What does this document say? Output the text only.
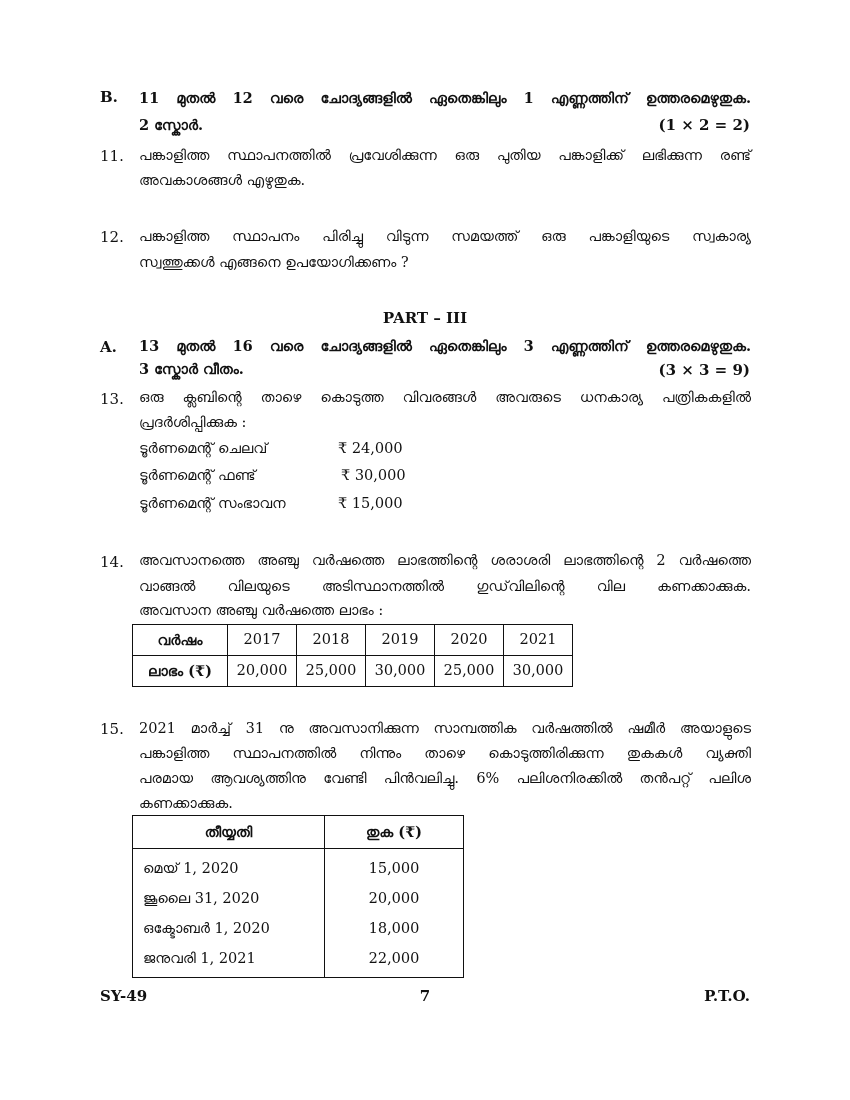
B.	11 മുതൽ 12 വരെ ചോദ്യങ്ങളിൽ ഏതെങ്കിലും 1 എണ്ണത്തിന് ഉത്തരമെഴുതുക.
2 സ്കോർ.	(1 × 2 = 2)
11.	പങ്കാളിത്ത സ്ഥാപനത്തിൽ പ്രവേശിക്കുന്ന ഒരു പുതിയ പങ്കാളിക്ക് ലഭിക്കുന്ന രണ്ട്
അവകാശങ്ങൾ എഴുതുക.
12.	പങ്കാളിത്ത സ്ഥാപനം പിരിച്ചു വിടുന്ന സമയത്ത് ഒരു പങ്കാളിയുടെ സ്വകാര്യ
സ്വത്തുക്കൾ എങ്ങനെ ഉപയോഗിക്കണം ?
PART – III
A.	13 മുതൽ 16 വരെ ചോദ്യങ്ങളിൽ ഏതെങ്കിലും 3 എണ്ണത്തിന് ഉത്തരമെഴുതുക.
3 സ്കോർ വീതം.	(3 × 3 = 9)
13.	ഒരു ക്ലബിന്റെ താഴെ കൊടുത്ത വിവരങ്ങൾ അവരുടെ ധനകാര്യ പത്രികകളിൽ
പ്രദർശിപ്പിക്കുക :
ടൂർണമെന്റ് ചെലവ്	₹ 24,000
ടൂർണമെന്റ് ഫണ്ട്	₹ 30,000
ടൂർണമെന്റ് സംഭാവന	₹ 15,000
14.	അവസാനത്തെ അഞ്ചു വർഷത്തെ ലാഭത്തിന്റെ ശരാശരി ലാഭത്തിന്റെ 2 വർഷത്തെ
വാങ്ങൽ വിലയുടെ അടിസ്ഥാനത്തിൽ ഗുഡ്‌വിലിന്റെ വില കണക്കാക്കുക.
അവസാന അഞ്ചു വർഷത്തെ ലാഭം :
വർഷം	2017	2018	2019	2020	2021
ലാഭം (₹)	20,000	25,000	30,000	25,000	30,000
15.	2021 മാർച്ച് 31 നു അവസാനിക്കുന്ന സാമ്പത്തിക വർഷത്തിൽ ഷമീർ അയാളുടെ
പങ്കാളിത്ത സ്ഥാപനത്തിൽ നിന്നും താഴെ കൊടുത്തിരിക്കുന്ന തുകകൾ വ്യക്തി
പരമായ ആവശ്യത്തിനു വേണ്ടി പിൻവലിച്ചു. 6% പലിശനിരക്കിൽ തൻപറ്റ് പലിശ
കണക്കാക്കുക.
തീയ്യതി	തുക (₹)
മെയ് 1, 2020	15,000
ജൂലൈ 31, 2020	20,000
ഒക്ടോബർ 1, 2020	18,000
ജനുവരി 1, 2021	22,000
SY-49	7	P.T.O.
